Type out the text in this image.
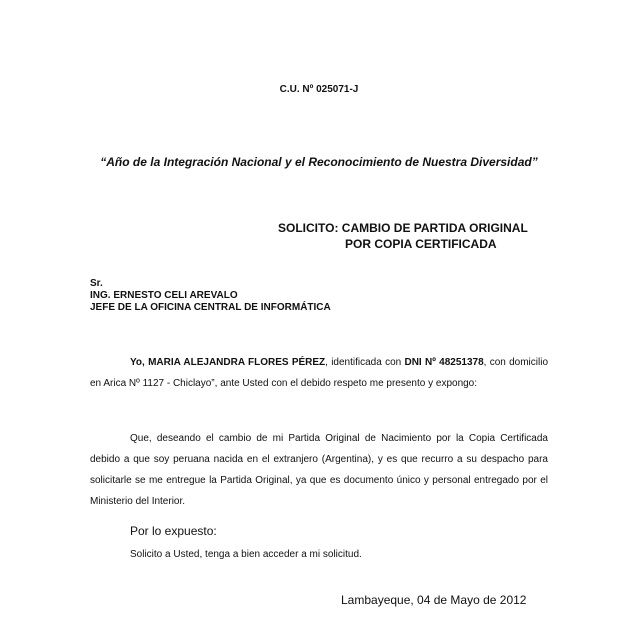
C.U. Nº 025071-J
“Año de la Integración Nacional y el Reconocimiento de Nuestra Diversidad”
SOLICITO: CAMBIO DE PARTIDA ORIGINAL
POR COPIA CERTIFICADA
Sr.
ING. ERNESTO CELI AREVALO
JEFE DE LA OFICINA CENTRAL DE INFORMÁTICA
Yo, MARIA ALEJANDRA FLORES PÉREZ, identificada con DNI Nº 48251378, con domicilio en Arica Nº 1127 - Chiclayo”, ante Usted con el debido respeto me presento y expongo:
Que, deseando el cambio de mi Partida Original de Nacimiento por la Copia Certificada debido a que soy peruana nacida en el extranjero (Argentina), y es que recurro a su despacho para solicitarle se me entregue la Partida Original, ya que es documento único y personal entregado por el Ministerio del Interior.
Por lo expuesto:
Solicito a Usted, tenga a bien acceder a mi solicitud.
Lambayeque, 04 de Mayo de 2012
